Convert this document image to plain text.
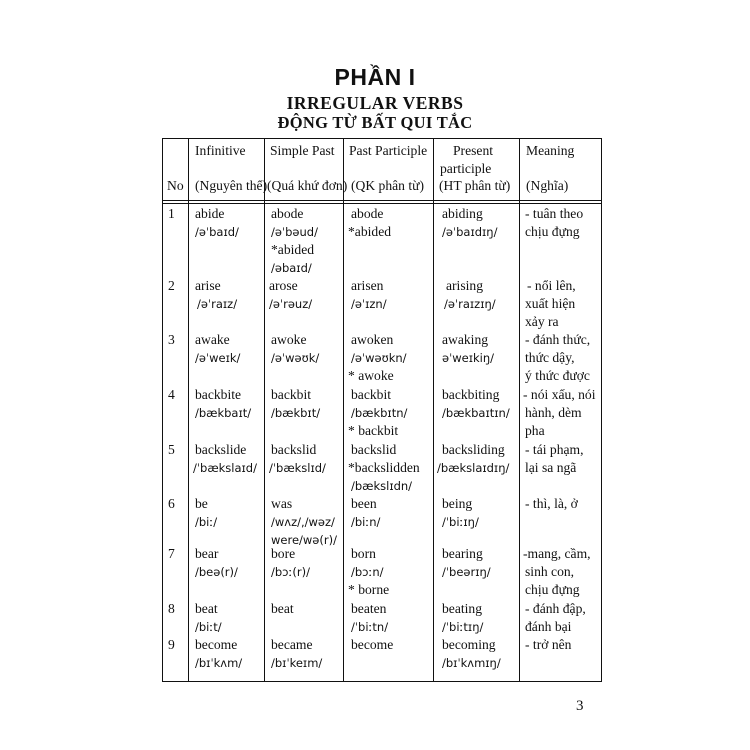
PHẦN I
IRREGULAR VERBS
ĐỘNG TỪ BẤT QUI TẮC
No
Infinitive
(Nguyên thể)
Simple Past
(Quá khứ đơn)
Past Participle
(QK phân từ)
Present
participle
(HT phân từ)
Meaning
(Nghĩa)
1 abide
/əˈbaɪd/
abode
/əˈbəud/
*abided
/əbaɪd/
abode
*abided
abiding
/əˈbaɪdɪŋ/
- tuân theo
chịu đựng
2 arise
/əˈraɪz/
arose
/əˈrəuz/
arisen
/əˈɪzn/
arising
/əˈraɪzɪŋ/
- nổi lên,
xuất hiện
xảy ra
3 awake
/əˈweɪk/
awoke
/əˈwəʊk/
awoken
/əˈwəʊkn/
* awoke
awaking
əˈweɪkiŋ/
- đánh thức,
thức dậy,
ý thức được
4 backbite
/bækbaɪt/
backbit
/bækbɪt/
backbit
/bækbɪtn/
* backbit
backbiting
/bækbaɪtɪn/
- nói xấu, nói
hành, dèm
pha
5 backslide
/ˈbækslaɪd/
backslid
/ˈbækslɪd/
backslid
*backslidden
/bækslɪdn/
backsliding
/bækslaɪdɪŋ/
- tái phạm,
lại sa ngã
6 be
/biː/
was
/wʌz/,/wəz/
were/wə(r)/
been
/biːn/
being
/ˈbiːɪŋ/
- thì, là, ở
7 bear
/beə(r)/
bore
/bɔː(r)/
born
/bɔːn/
* borne
bearing
/ˈbeərɪŋ/
-mang, cầm,
sinh con,
chịu đựng
8 beat
/biːt/
beat	beaten
/ˈbiːtn/
beating
/ˈbiːtɪŋ/
- đánh đập,
đánh bại
9 become
/bɪˈkʌm/
became
/bɪˈkeɪm/
become	becoming
/bɪˈkʌmɪŋ/
- trở nên
3
